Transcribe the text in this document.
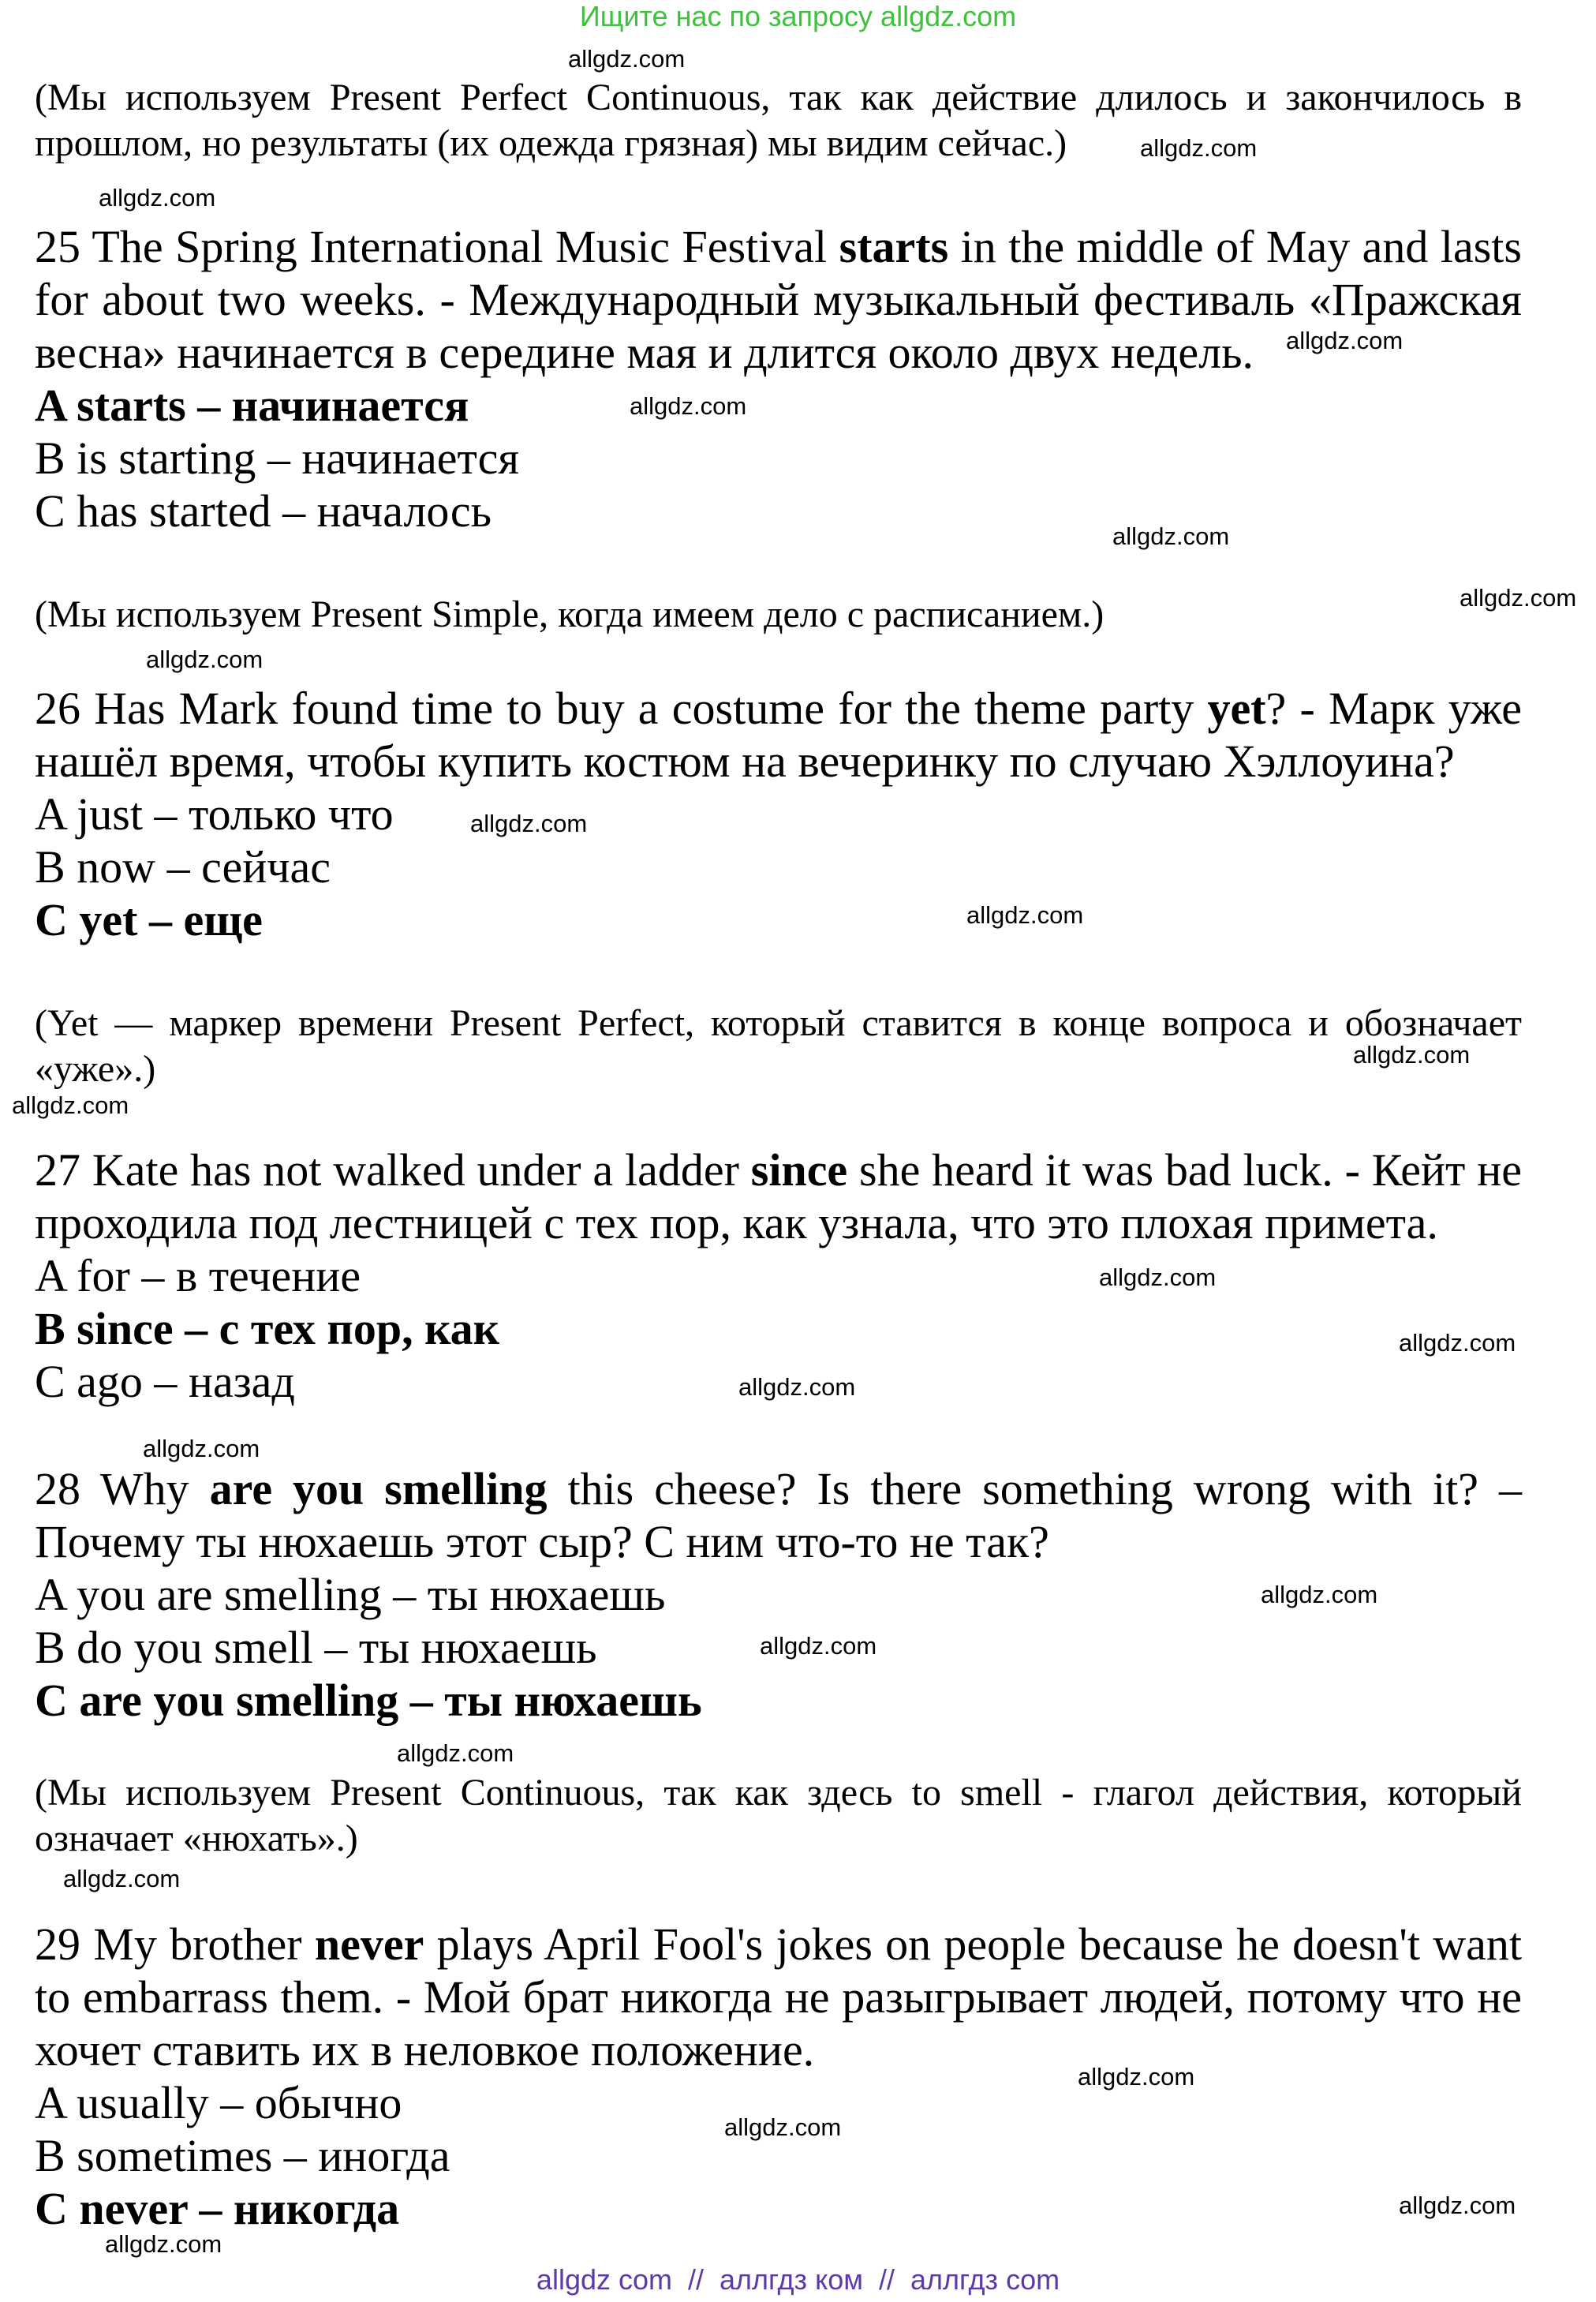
Ищите нас по запросу allgdz.com
allgdz.com
allgdz.com
allgdz.com
allgdz.com
allgdz.com
allgdz.com
allgdz.com
allgdz.com
allgdz.com
allgdz.com
allgdz.com
allgdz.com
allgdz.com
allgdz.com
allgdz.com
allgdz.com
allgdz.com
allgdz.com
allgdz.com
allgdz.com
allgdz.com
allgdz.com
allgdz.com
allgdz.com
(Мы используем Present Perfect Continuous, так как действие длилось и закончилось в
прошлом, но результаты (их одежда грязная) мы видим сейчас.)
25 The Spring International Music Festival starts in the middle of May and lasts
for about two weeks. - Международный музыкальный фестиваль «Пражская
весна» начинается в середине мая и длится около двух недель.
A starts – начинается
B is starting – начинается
C has started – началось
(Мы используем Present Simple, когда имеем дело с расписанием.)
26 Has Mark found time to buy a costume for the theme party yet? - Марк уже
нашёл время, чтобы купить костюм на вечеринку по случаю Хэллоуина?
A just – только что
B now – сейчас
C yet – еще
(Yet — маркер времени Present Perfect, который ставится в конце вопроса и обозначает
«уже».)
27 Kate has not walked under a ladder since she heard it was bad luck. - Кейт не
проходила под лестницей с тех пор, как узнала, что это плохая примета.
A for – в течение
B since – с тех пор, как
C ago – назад
28 Why are you smelling this cheese? Is there something wrong with it? –
Почему ты нюхаешь этот сыр? С ним что-то не так?
A you are smelling – ты нюхаешь
B do you smell – ты нюхаешь
C are you smelling – ты нюхаешь
(Мы используем Present Continuous, так как здесь to smell - глагол действия, который
означает «нюхать».)
29 My brother never plays April Fool's jokes on people because he doesn't want
to embarrass them. - Мой брат никогда не разыгрывает людей, потому что не
хочет ставить их в неловкое положение.
A usually – обычно
B sometimes – иногда
C never – никогда
allgdz com  //  аллгдз ком  //  аллгдз com
